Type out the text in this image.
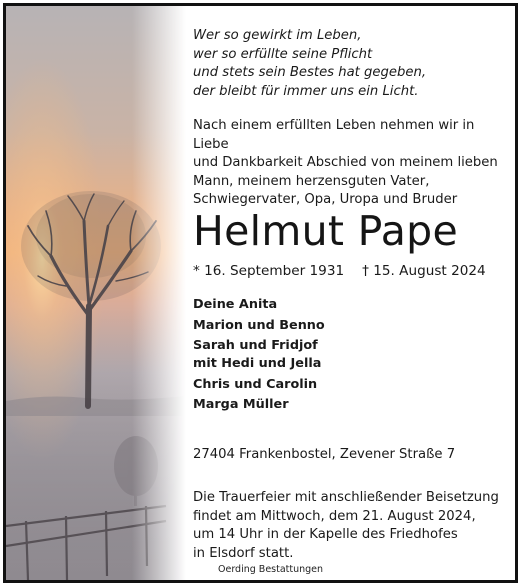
Wer so gewirkt im Leben,
wer so erfüllte seine Pflicht
und stets sein Bestes hat gegeben,
der bleibt für immer uns ein Licht.
Nach einem erfüllten Leben nehmen wir in Liebe
und Dankbarkeit Abschied von meinem lieben
Mann, meinem herzensguten Vater,
Schwiegervater, Opa, Uropa und Bruder
Helmut Pape
* 16. September 1931 † 15. August 2024
Deine Anita
Marion und Benno
Sarah und Fridjof
mit Hedi und Jella
Chris und Carolin
Marga Müller
27404 Frankenbostel, Zevener Straße 7
Die Trauerfeier mit anschließender Beisetzung
findet am Mittwoch, dem 21. August 2024,
um 14 Uhr in der Kapelle des Friedhofes
in Elsdorf statt.
Oerding Bestattungen
